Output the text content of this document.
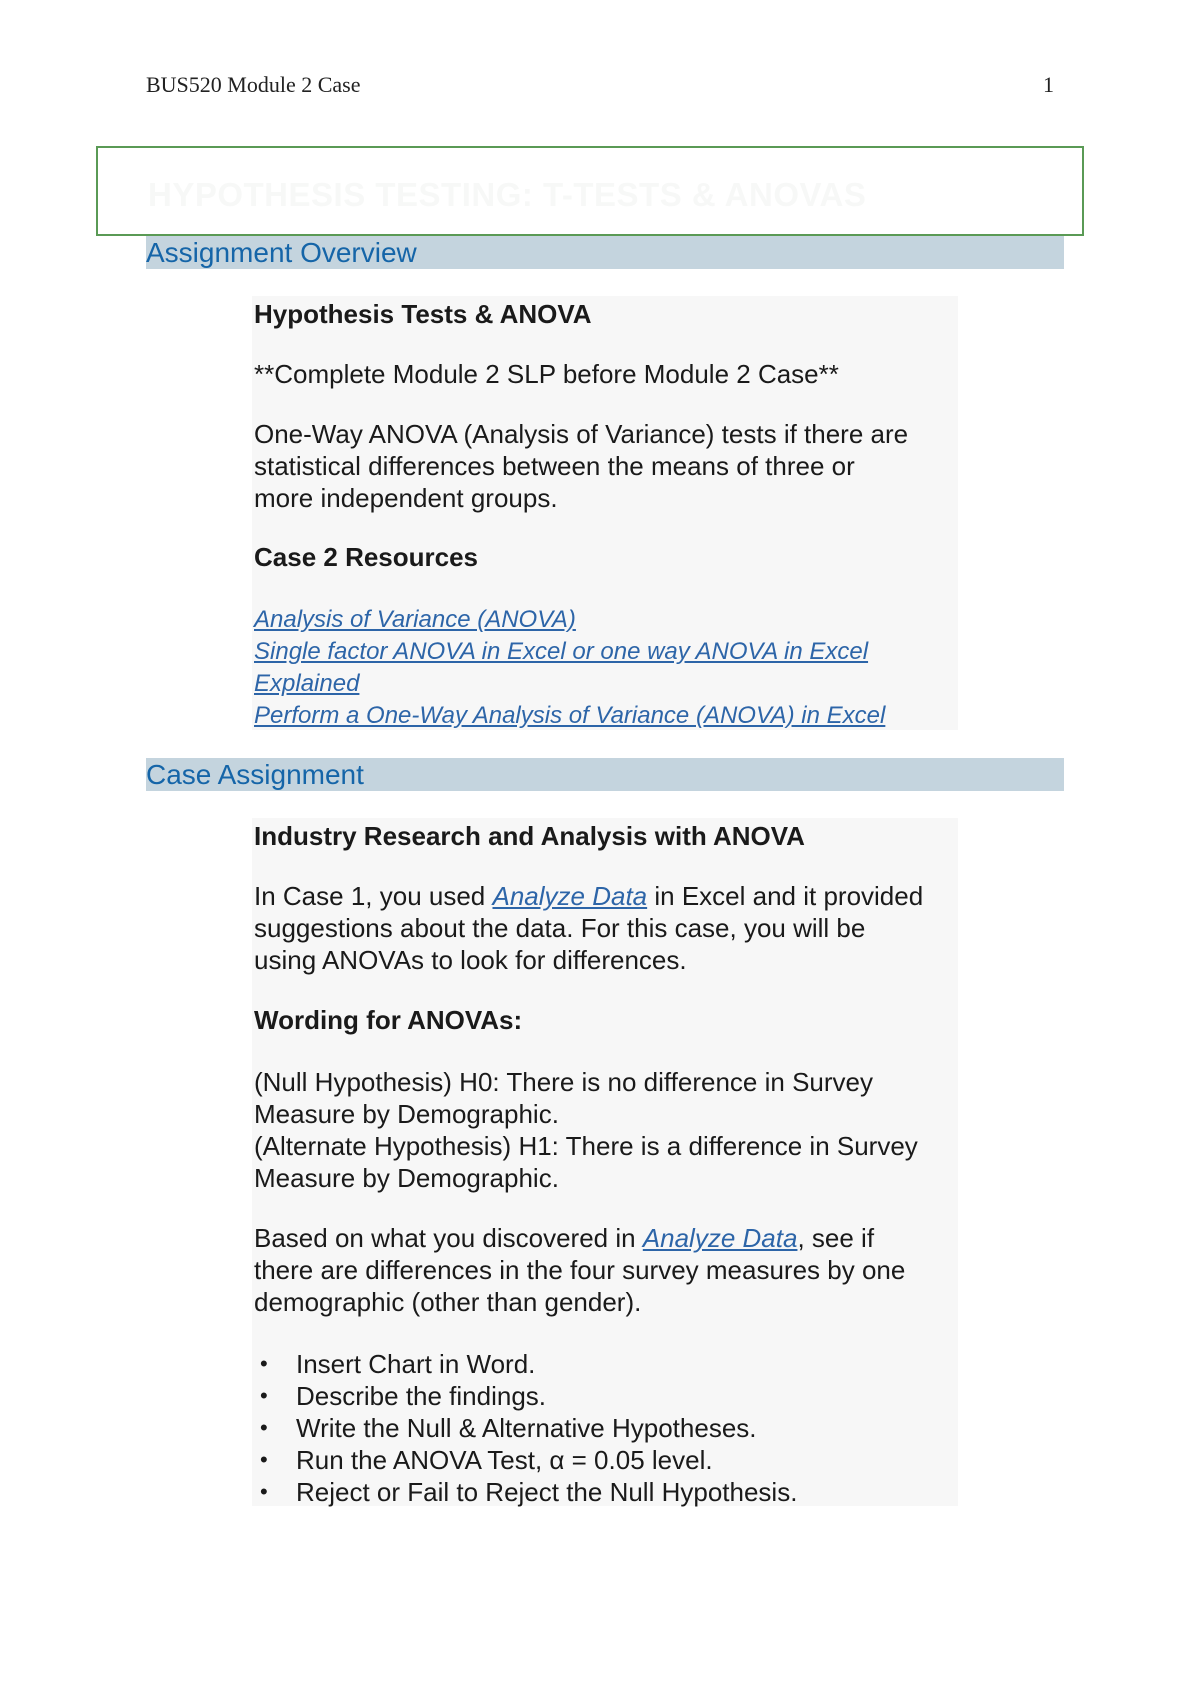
BUS520 Module 2 Case	1
HYPOTHESIS TESTING: T-TESTS & ANOVAS
Assignment Overview
Hypothesis Tests & ANOVA
**Complete Module 2 SLP before Module 2 Case**
One-Way ANOVA (Analysis of Variance) tests if there are
statistical differences between the means of three or
more independent groups.
Case 2 Resources
Analysis of Variance (ANOVA)
Single factor ANOVA in Excel or one way ANOVA in Excel
Explained
Perform a One-Way Analysis of Variance (ANOVA) in Excel
Case Assignment
Industry Research and Analysis with ANOVA
In Case 1, you used Analyze Data in Excel and it provided
suggestions about the data. For this case, you will be
using ANOVAs to look for differences.
Wording for ANOVAs:
(Null Hypothesis) H0: There is no difference in Survey
Measure by Demographic.
(Alternate Hypothesis) H1: There is a difference in Survey
Measure by Demographic.
Based on what you discovered in Analyze Data, see if
there are differences in the four survey measures by one
demographic (other than gender).
• Insert Chart in Word.
• Describe the findings.
• Write the Null & Alternative Hypotheses.
• Run the ANOVA Test, α = 0.05 level.
• Reject or Fail to Reject the Null Hypothesis.
